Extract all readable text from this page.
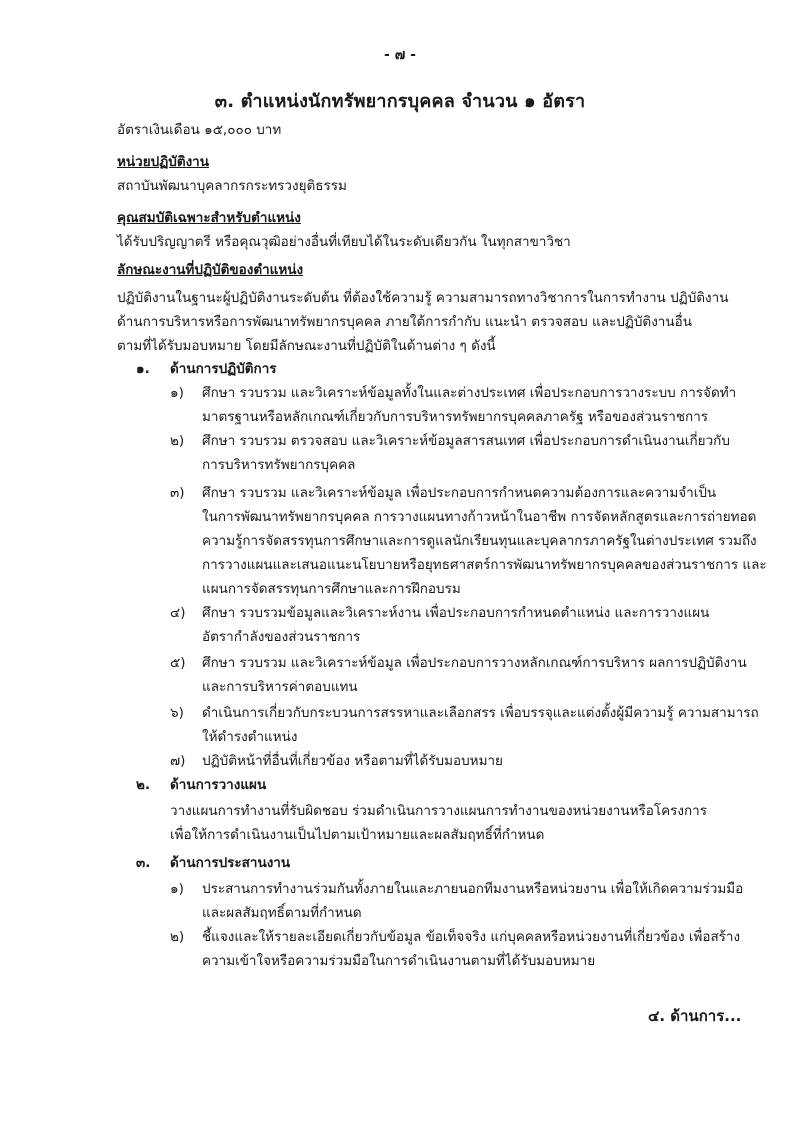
- ๗ -
๓. ตำแหน่งนักทรัพยากรบุคคล จำนวน ๑ อัตรา
อัตราเงินเดือน ๑๕,๐๐๐ บาท
หน่วยปฏิบัติงาน
สถาบันพัฒนาบุคลากรกระทรวงยุติธรรม
คุณสมบัติเฉพาะสำหรับตำแหน่ง
ได้รับปริญญาตรี หรือคุณวุฒิอย่างอื่นที่เทียบได้ในระดับเดียวกัน ในทุกสาขาวิชา
ลักษณะงานที่ปฏิบัติของตำแหน่ง
ปฏิบัติงานในฐานะผู้ปฏิบัติงานระดับต้น ที่ต้องใช้ความรู้ ความสามารถทางวิชาการในการทำงาน ปฏิบัติงาน
ด้านการบริหารหรือการพัฒนาทรัพยากรบุคคล ภายใต้การกำกับ แนะนำ ตรวจสอบ และปฏิบัติงานอื่น
ตามที่ได้รับมอบหมาย โดยมีลักษณะงานที่ปฏิบัติในด้านต่าง ๆ ดังนี้
๑. ด้านการปฏิบัติการ
๑) ศึกษา รวบรวม และวิเคราะห์ข้อมูลทั้งในและต่างประเทศ เพื่อประกอบการวางระบบ การจัดทำ
มาตรฐานหรือหลักเกณฑ์เกี่ยวกับการบริหารทรัพยากรบุคคลภาครัฐ หรือของส่วนราชการ
๒) ศึกษา รวบรวม ตรวจสอบ และวิเคราะห์ข้อมูลสารสนเทศ เพื่อประกอบการดำเนินงานเกี่ยวกับ
การบริหารทรัพยากรบุคคล
๓) ศึกษา รวบรวม และวิเคราะห์ข้อมูล เพื่อประกอบการกำหนดความต้องการและความจำเป็น
ในการพัฒนาทรัพยากรบุคคล การวางแผนทางก้าวหน้าในอาชีพ การจัดหลักสูตรและการถ่ายทอด
ความรู้การจัดสรรทุนการศึกษาและการดูแลนักเรียนทุนและบุคลากรภาครัฐในต่างประเทศ รวมถึง
การวางแผนและเสนอแนะนโยบายหรือยุทธศาสตร์การพัฒนาทรัพยากรบุคคลของส่วนราชการ และ
แผนการจัดสรรทุนการศึกษาและการฝึกอบรม
๔) ศึกษา รวบรวมข้อมูลและวิเคราะห์งาน เพื่อประกอบการกำหนดตำแหน่ง และการวางแผน
อัตรากำลังของส่วนราชการ
๕) ศึกษา รวบรวม และวิเคราะห์ข้อมูล เพื่อประกอบการวางหลักเกณฑ์การบริหาร ผลการปฏิบัติงาน
และการบริหารค่าตอบแทน
๖) ดำเนินการเกี่ยวกับกระบวนการสรรหาและเลือกสรร เพื่อบรรจุและแต่งตั้งผู้มีความรู้ ความสามารถ
ให้ดำรงตำแหน่ง
๗) ปฏิบัติหน้าที่อื่นที่เกี่ยวข้อง หรือตามที่ได้รับมอบหมาย
๒. ด้านการวางแผน
วางแผนการทำงานที่รับผิดชอบ ร่วมดำเนินการวางแผนการทำงานของหน่วยงานหรือโครงการ
เพื่อให้การดำเนินงานเป็นไปตามเป้าหมายและผลสัมฤทธิ์ที่กำหนด
๓. ด้านการประสานงาน
๑) ประสานการทำงานร่วมกันทั้งภายในและภายนอกทีมงานหรือหน่วยงาน เพื่อให้เกิดความร่วมมือ
และผลสัมฤทธิ์ตามที่กำหนด
๒) ชี้แจงและให้รายละเอียดเกี่ยวกับข้อมูล ข้อเท็จจริง แก่บุคคลหรือหน่วยงานที่เกี่ยวข้อง เพื่อสร้าง
ความเข้าใจหรือความร่วมมือในการดำเนินงานตามที่ได้รับมอบหมาย
๔. ด้านการ...
